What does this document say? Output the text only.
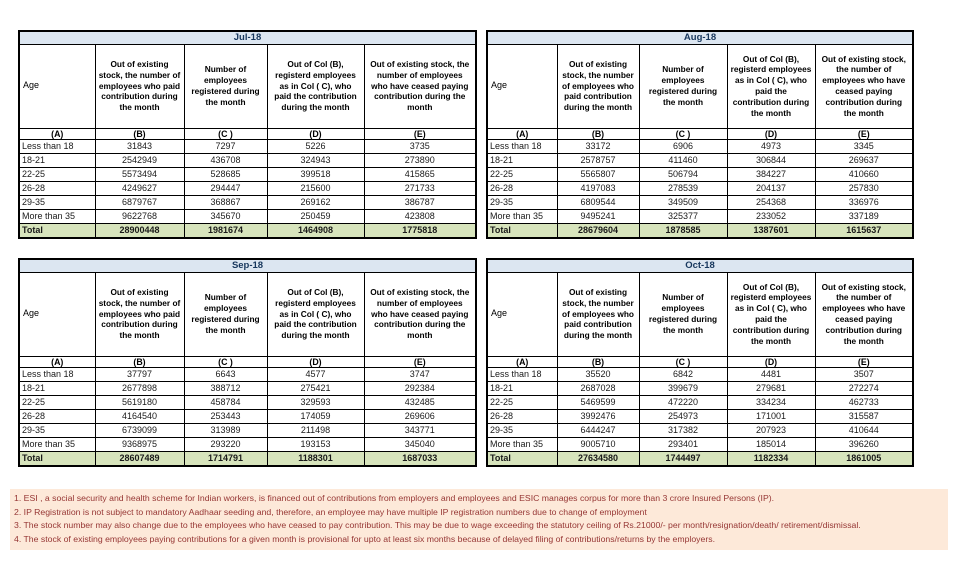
Jul-18				
Age	Out of existing stock, the number of employees who paid contribution during the month	Number of employees registered during the month	Out of Col (B), registerd employees as in Col ( C), who paid the contribution during the month	Out of existing stock, the number of employees who have ceased paying contribution during the month
(A)	(B)	(C )	(D)	(E)
Less than 18	31843	7297	5226	3735
18-21	2542949	436708	324943	273890
22-25	5573494	528685	399518	415865
26-28	4249627	294447	215600	271733
29-35	6879767	368867	269162	386787
More than 35	9622768	345670	250459	423808
Total	28900448	1981674	1464908	1775818
Aug-18				
Age	Out of existing stock, the number of employees who paid contribution during the month	Number of employees registered during the month	Out of Col (B), registerd employees as in Col ( C), who paid the contribution during the month	Out of existing stock, the number of employees who have ceased paying contribution during the month
(A)	(B)	(C )	(D)	(E)
Less than 18	33172	6906	4973	3345
18-21	2578757	411460	306844	269637
22-25	5565807	506794	384227	410660
26-28	4197083	278539	204137	257830
29-35	6809544	349509	254368	336976
More than 35	9495241	325377	233052	337189
Total	28679604	1878585	1387601	1615637
Sep-18				
Age	Out of existing stock, the number of employees who paid contribution during the month	Number of employees registered during the month	Out of Col (B), registerd employees as in Col ( C), who paid the contribution during the month	Out of existing stock, the number of employees who have ceased paying contribution during the month
(A)	(B)	(C )	(D)	(E)
Less than 18	37797	6643	4577	3747
18-21	2677898	388712	275421	292384
22-25	5619180	458784	329593	432485
26-28	4164540	253443	174059	269606
29-35	6739099	313989	211498	343771
More than 35	9368975	293220	193153	345040
Total	28607489	1714791	1188301	1687033
Oct-18				
Age	Out of existing stock, the number of employees who paid contribution during the month	Number of employees registered during the month	Out of Col (B), registerd employees as in Col ( C), who paid the contribution during the month	Out of existing stock, the number of employees who have ceased paying contribution during the month
(A)	(B)	(C )	(D)	(E)
Less than 18	35520	6842	4481	3507
18-21	2687028	399679	279681	272274
22-25	5469599	472220	334234	462733
26-28	3992476	254973	171001	315587
29-35	6444247	317382	207923	410644
More than 35	9005710	293401	185014	396260
Total	27634580	1744497	1182334	1861005

1. ESI , a social security and health scheme for Indian workers, is financed out of contributions from employers and employees and ESIC manages corpus for more than 3 crore Insured Persons (IP).

2. IP Registration is not subject to mandatory Aadhaar seeding and, therefore, an employee may have multiple IP registration numbers due to change of employment

3. The stock number may also change due to the employees who have ceased to pay contribution. This may be due to wage exceeding the statutory ceiling of Rs.21000/- per month/resignation/death/ retirement/dismissal.

4. The stock of existing employees paying contributions for a given month is provisional for upto at least six months because of delayed filing of contributions/returns by the employers.
